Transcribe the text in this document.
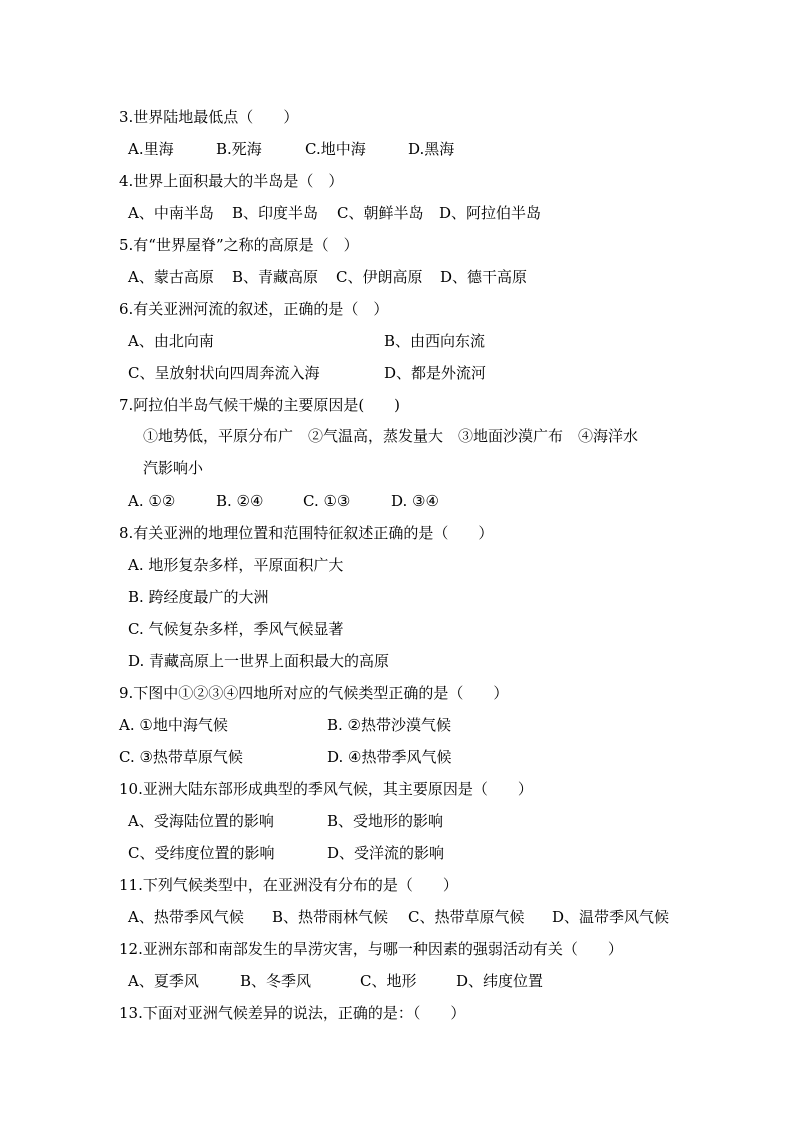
3.世界陆地最低点（　　）
A.里海	B.死海	C.地中海	D.黑海
4.世界上面积最大的半岛是（　）
A、中南半岛 B、印度半岛 C、朝鲜半岛 D、阿拉伯半岛
5.有“世界屋脊”之称的高原是（　）
A、蒙古高原 B、青藏高原 C、伊朗高原 D、德干高原
6.有关亚洲河流的叙述，正确的是（　）
A、由北向南	B、由西向东流
C、呈放射状向四周奔流入海	D、都是外流河
7.阿拉伯半岛气候干燥的主要原因是(　　)
①地势低，平原分布广　②气温高，蒸发量大　③地面沙漠广布　④海洋水
汽影响小
A. ①②	B. ②④	C. ①③	D. ③④
8.有关亚洲的地理位置和范围特征叙述正确的是（　　）
A. 地形复杂多样，平原面积广大
B. 跨经度最广的大洲
C. 气候复杂多样，季风气候显著
D. 青藏高原上一世界上面积最大的高原
9.下图中①②③④四地所对应的气候类型正确的是（　　）
A. ①地中海气候	B. ②热带沙漠气候
C. ③热带草原气候	D. ④热带季风气候
10.亚洲大陆东部形成典型的季风气候，其主要原因是（　　）
A、受海陆位置的影响	B、受地形的影响
C、受纬度位置的影响	D、受洋流的影响
11.下列气候类型中，在亚洲没有分布的是（　　）
A、热带季风气候 B、热带雨林气候 C、热带草原气候 D、温带季风气候
12.亚洲东部和南部发生的旱涝灾害，与哪一种因素的强弱活动有关（　　）
A、夏季风	B、冬季风	C、地形	D、纬度位置
13.下面对亚洲气候差异的说法，正确的是：（　　）
